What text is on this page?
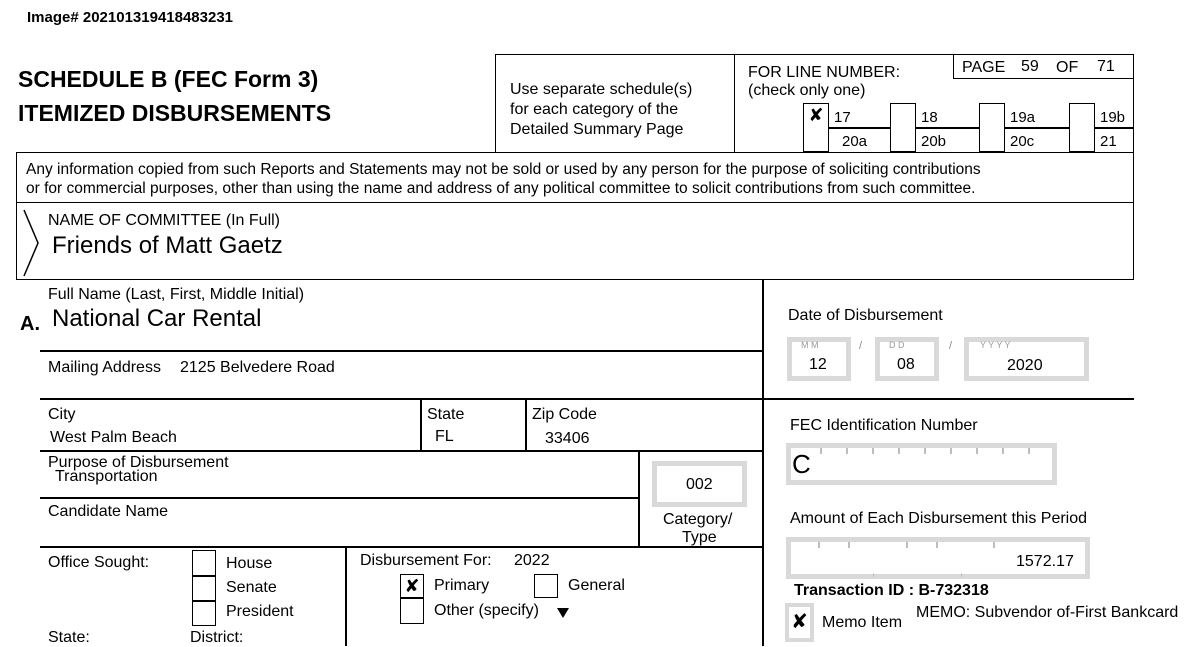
Image# 202101319418483231
SCHEDULE B (FEC Form 3)
ITEMIZED DISBURSEMENTS
Use separate schedule(s)
for each category of the
Detailed Summary Page
FOR LINE NUMBER:
(check only one)
PAGE 59 OF 71
✘ 17	18	19a	19b
20a	20b	20c	21
Any information copied from such Reports and Statements may not be sold or used by any person for the purpose of soliciting contributions
or for commercial purposes, other than using the name and address of any political committee to solicit contributions from such committee.
NAME OF COMMITTEE (In Full)
Friends of Matt Gaetz
A.
Full Name (Last, First, Middle Initial)
National Car Rental
Mailing Address 2125 Belvedere Road
City
West Palm Beach
State
FL
Zip Code
33406
Purpose of Disbursement
Transportation	002
Category/
Type
Candidate Name
Office Sought:	House
Senate
President
State:	District:
Disbursement For: 2022
✘ Primary	General
Other (specify)
Date of Disbursement
M M
12
/	D D
08
/	Y Y Y Y
2020
FEC Identification Number
C
Amount of Each Disbursement this Period
,	,
1572.17
Transaction ID : B-732318
✘ Memo Item
MEMO: Subvendor of-First Bankcard
